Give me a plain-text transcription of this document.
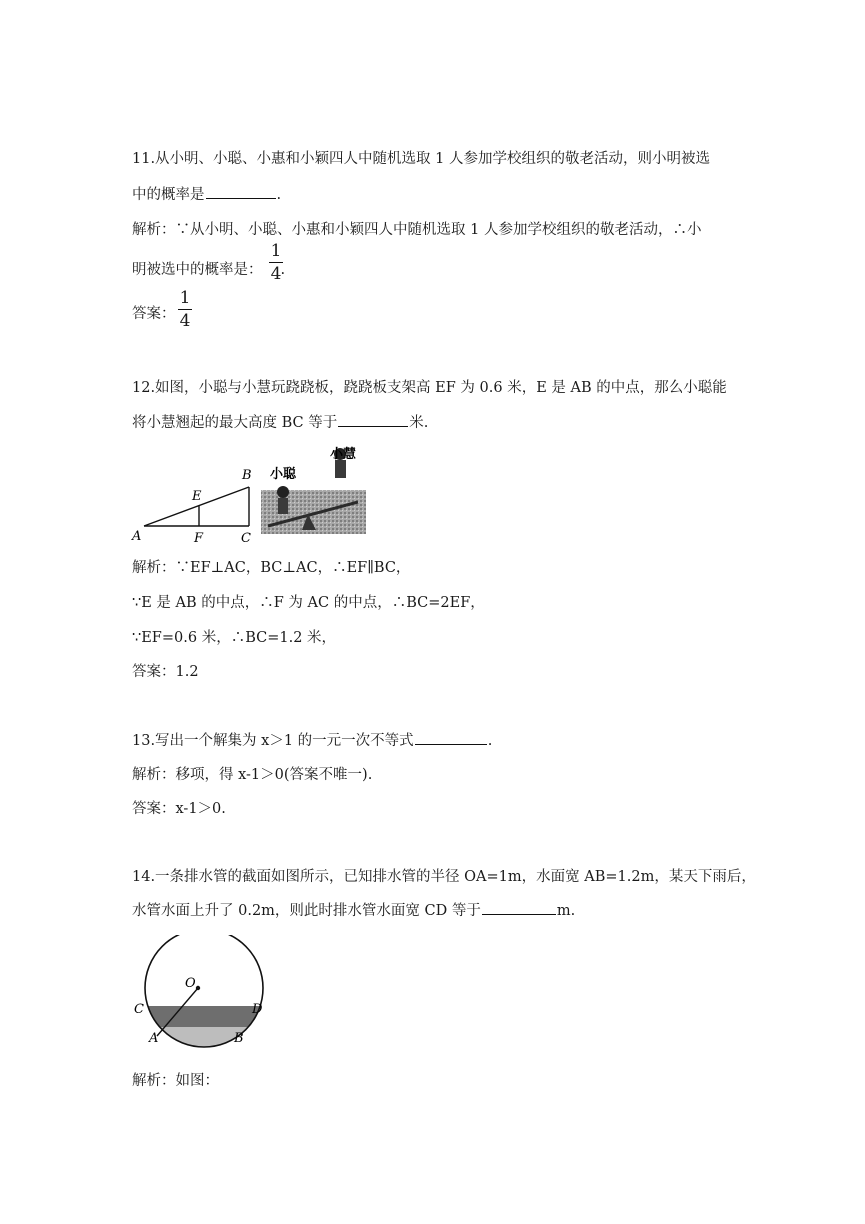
11.从小明、小聪、小惠和小颖四人中随机选取 1 人参加学校组织的敬老活动，则小明被选
中的概率是	.
解析：∵从小明、小聪、小惠和小颖四人中随机选取 1 人参加学校组织的敬老活动，∴小
明被选中的概率是： .
1
4
答案：
1
4
12.如图，小聪与小慧玩跷跷板，跷跷板支架高 EF 为 0.6 米，E 是 AB 的中点，那么小聪能
将小慧翘起的最大高度 BC 等于	米.
A
B
C
E
F
小聪
小慧
解析：∵EF⊥AC，BC⊥AC，∴EF∥BC，
∵E 是 AB 的中点，∴F 为 AC 的中点，∴BC=2EF，
∵EF=0.6 米，∴BC=1.2 米，
答案：1.2
13.写出一个解集为 x＞1 的一元一次不等式	.
解析：移项，得 x-1＞0(答案不唯一).
答案：x-1＞0.
14.一条排水管的截面如图所示，已知排水管的半径 OA=1m，水面宽 AB=1.2m，某天下雨后，
水管水面上升了 0.2m，则此时排水管水面宽 CD 等于	m.
O
C	D
A	B
解析：如图：
